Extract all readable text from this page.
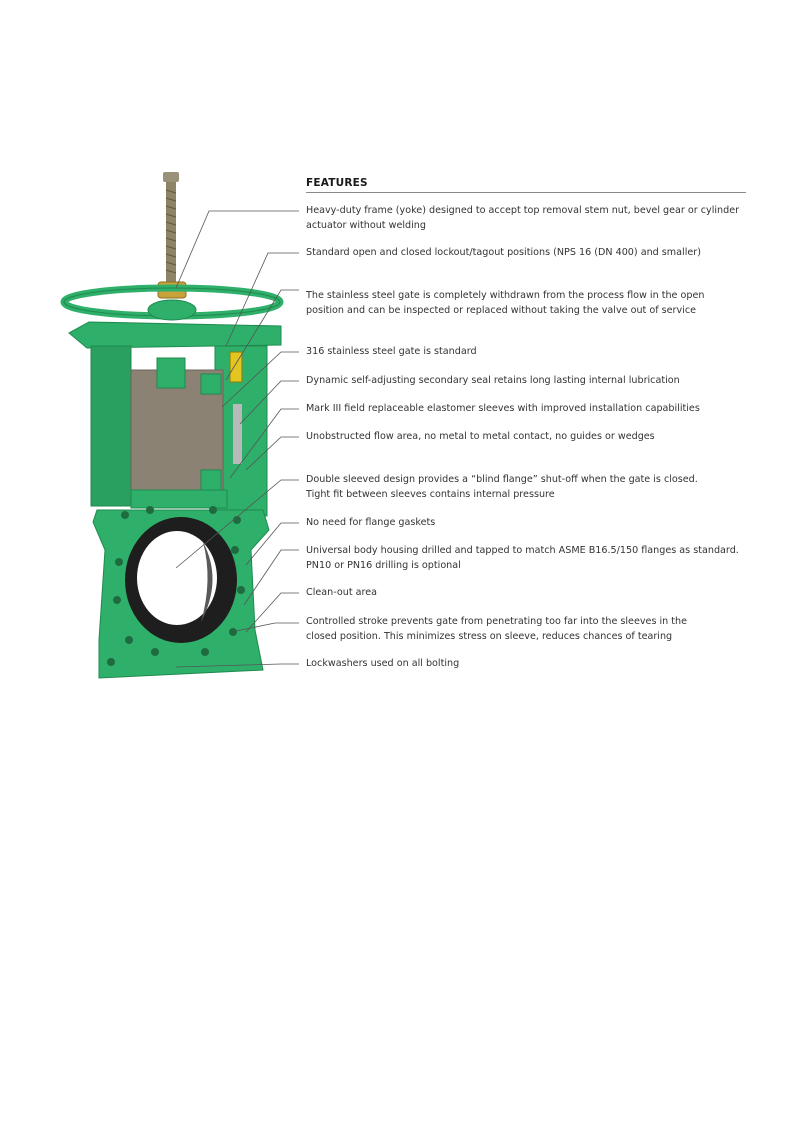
FEATURES
Heavy-duty frame (yoke) designed to accept top removal stem nut, bevel gear or cylinder
actuator without welding
Standard open and closed lockout/tagout positions (NPS 16 (DN 400) and smaller)
The stainless steel gate is completely withdrawn from the process flow in the open
position and can be inspected or replaced without taking the valve out of service
316 stainless steel gate is standard
Dynamic self-adjusting secondary seal retains long lasting internal lubrication
Mark III field replaceable elastomer sleeves with improved installation capabilities
Unobstructed flow area, no metal to metal contact, no guides or wedges
Double sleeved design provides a “blind flange” shut-off when the gate is closed.
Tight fit between sleeves contains internal pressure
No need for flange gaskets
Universal body housing drilled and tapped to match ASME B16.5/150 flanges as standard.
PN10 or PN16 drilling is optional
Clean-out area
Controlled stroke prevents gate from penetrating too far into the sleeves in the
closed position. This minimizes stress on sleeve, reduces chances of tearing
Lockwashers used on all bolting
